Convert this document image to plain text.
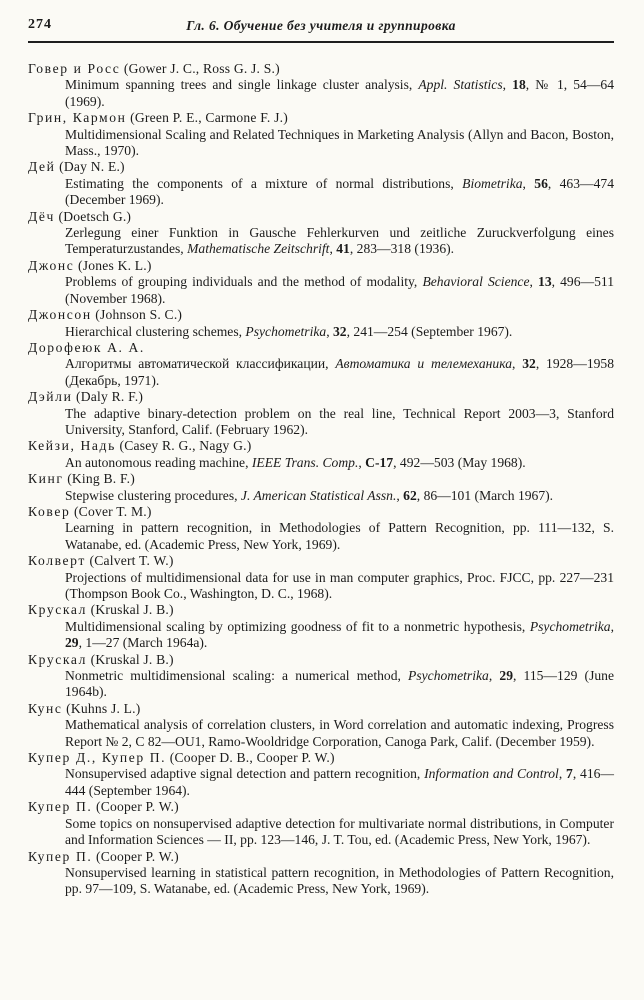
274	Гл. 6. Обучение без учителя и группировка
Говер и Росс (Gower J. C., Ross G. J. S.)
Minimum spanning trees and single linkage cluster analysis, Appl. Statistics, 18, № 1, 54—64 (1969).
Грин, Кармон (Green P. E., Carmone F. J.)
Multidimensional Scaling and Related Techniques in Marketing Analysis (Allyn and Bacon, Boston, Mass., 1970).
Дей (Day N. E.)
Estimating the components of a mixture of normal distributions, Biometrika, 56, 463—474 (December 1969).
Дёч (Doetsch G.)
Zerlegung einer Funktion in Gausche Fehlerkurven und zeitliche Zuruckverfolgung eines Temperaturzustandes, Mathematische Zeitschrift, 41, 283—318 (1936).
Джонс (Jones K. L.)
Problems of grouping individuals and the method of modality, Behavioral Science, 13, 496—511 (November 1968).
Джонсон (Johnson S. C.)
Hierarchical clustering schemes, Psychometrika, 32, 241—254 (September 1967).
Дорофеюк А. А.
Алгоритмы автоматической классификации, Автоматика и телемеханика, 32, 1928—1958 (Декабрь, 1971).
Дэйли (Daly R. F.)
The adaptive binary-detection problem on the real line, Technical Report 2003—3, Stanford University, Stanford, Calif. (February 1962).
Кейзи, Надь (Casey R. G., Nagy G.)
An autonomous reading machine, IEEE Trans. Comp., C-17, 492—503 (May 1968).
Кинг (King B. F.)
Stepwise clustering procedures, J. American Statistical Assn., 62, 86—101 (March 1967).
Ковер (Cover T. M.)
Learning in pattern recognition, in Methodologies of Pattern Recognition, pp. 111—132, S. Watanabe, ed. (Academic Press, New York, 1969).
Колверт (Calvert T. W.)
Projections of multidimensional data for use in man computer graphics, Proc. FJCC, pp. 227—231 (Thompson Book Co., Washington, D. C., 1968).
Крускал (Kruskal J. B.)
Multidimensional scaling by optimizing goodness of fit to a nonmetric hypothesis, Psychometrika, 29, 1—27 (March 1964a).
Крускал (Kruskal J. B.)
Nonmetric multidimensional scaling: a numerical method, Psychometrika, 29, 115—129 (June 1964b).
Кунс (Kuhns J. L.)
Mathematical analysis of correlation clusters, in Word correlation and automatic indexing, Progress Report № 2, C 82—OU1, Ramo-Wooldridge Corporation, Canoga Park, Calif. (December 1959).
Купер Д., Купер П. (Cooper D. B., Cooper P. W.)
Nonsupervised adaptive signal detection and pattern recognition, Information and Control, 7, 416—444 (September 1964).
Купер П. (Cooper P. W.)
Some topics on nonsupervised adaptive detection for multivariate normal distributions, in Computer and Information Sciences — II, pp. 123—146, J. T. Tou, ed. (Academic Press, New York, 1967).
Купер П. (Cooper P. W.)
Nonsupervised learning in statistical pattern recognition, in Methodologies of Pattern Recognition, pp. 97—109, S. Watanabe, ed. (Academic Press, New York, 1969).
